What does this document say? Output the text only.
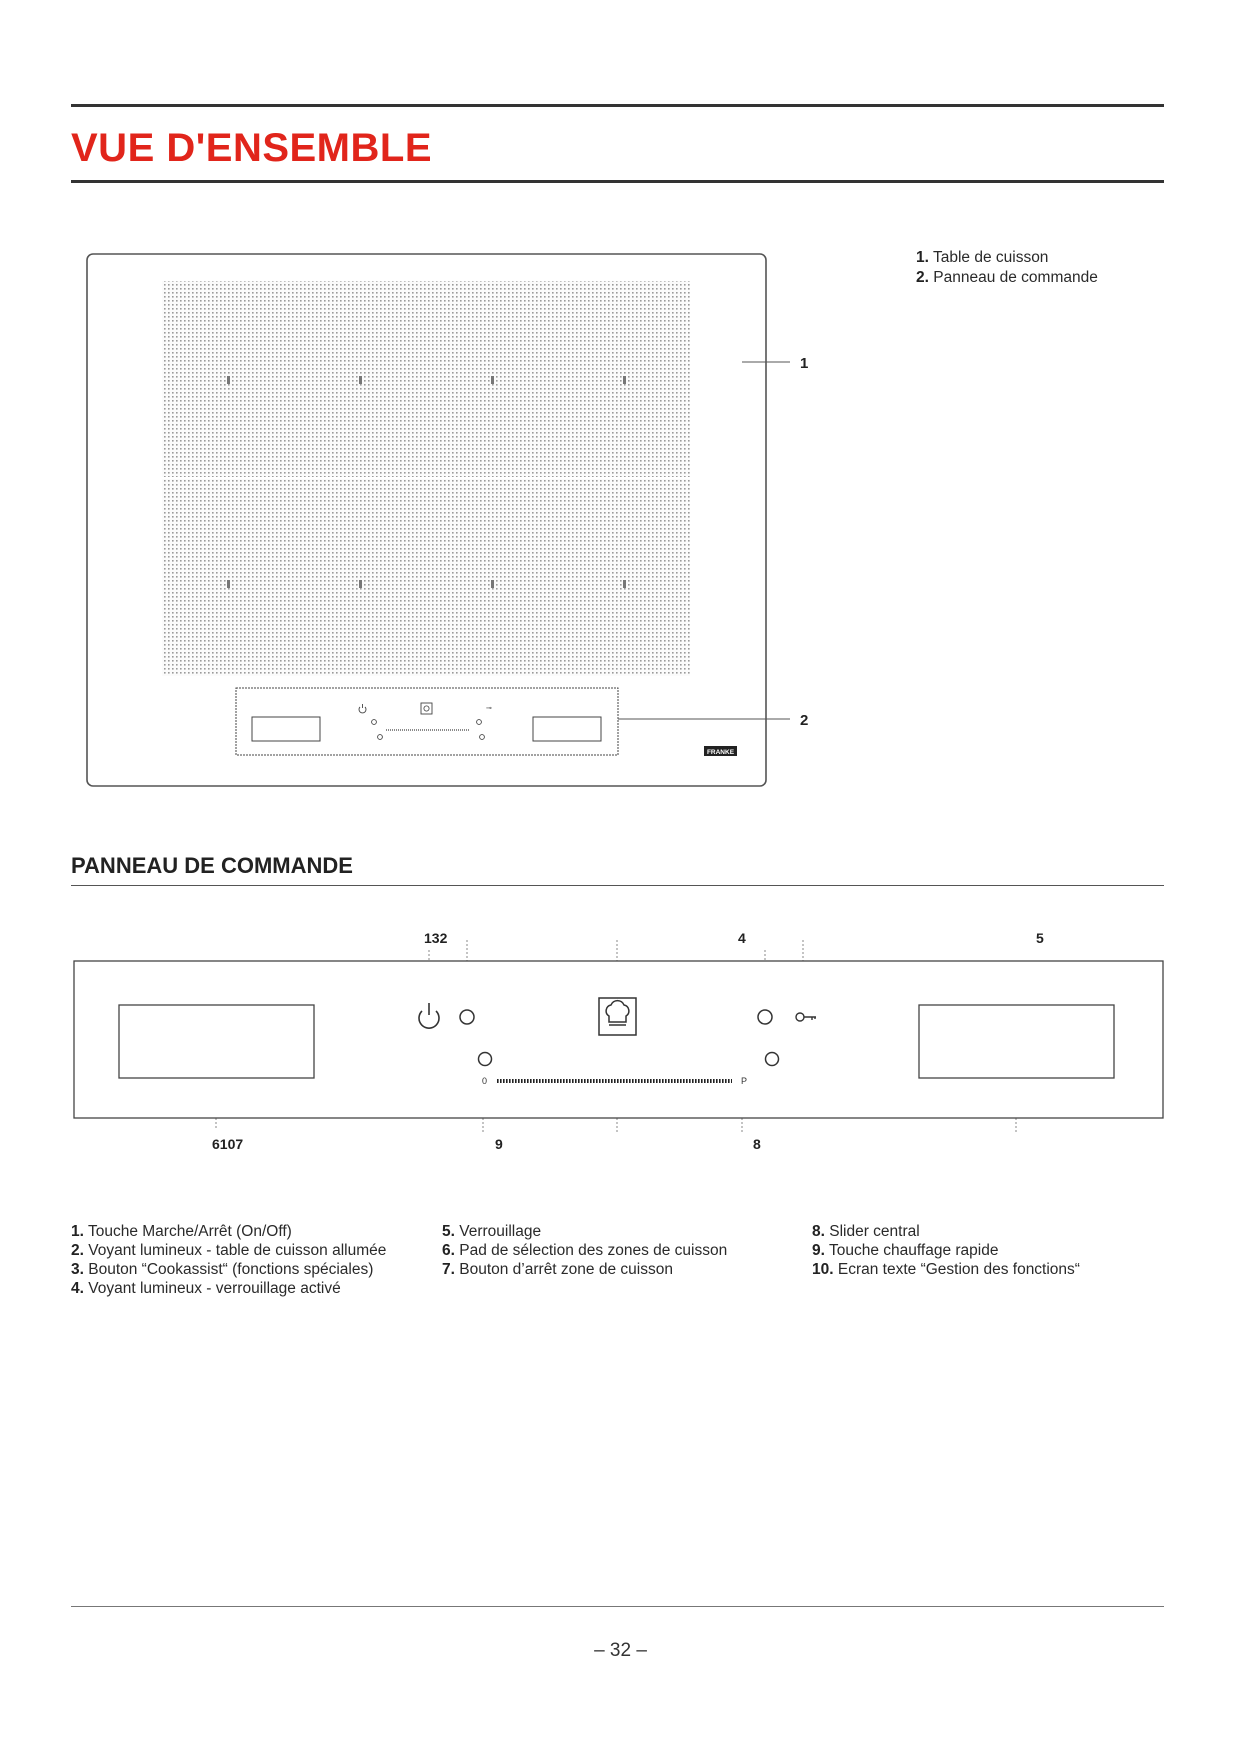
VUE D'ENSEMBLE
1. Table de cuisson
2. Panneau de commande
⊸
FRANKE
1
2
PANNEAU DE COMMANDE
132	4	5
6107	9	8
0	P
1. Touche Marche/Arrêt (On/Off)
2. Voyant lumineux - table de cuisson allumée
3. Bouton “Cookassist“ (fonctions spéciales)
4. Voyant lumineux - verrouillage activé
5. Verrouillage
6. Pad de sélection des zones de cuisson
7. Bouton d’arrêt zone de cuisson
8. Slider central
9. Touche chauffage rapide
10. Ecran texte “Gestion des fonctions“
– 32 –
